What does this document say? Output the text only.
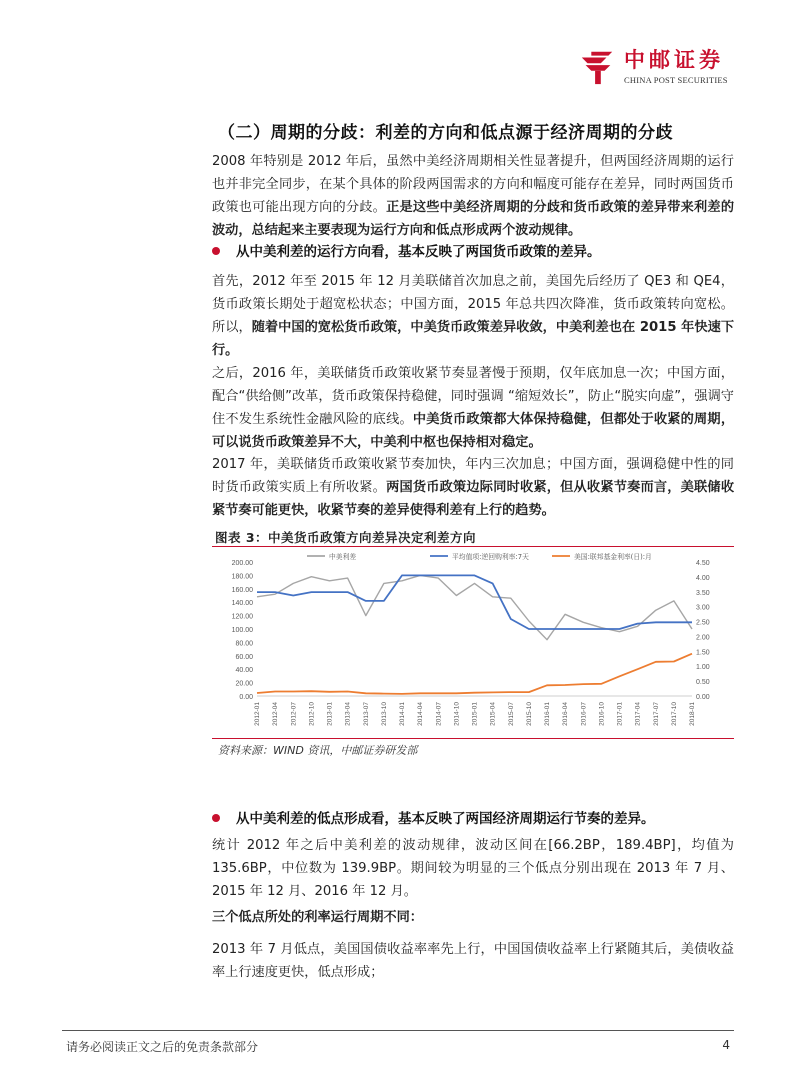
中邮证券
CHINA POST SECURITIES
（二）周期的分歧：利差的方向和低点源于经济周期的分歧

2008 年特别是 2012 年后，虽然中美经济周期相关性显著提升，但两国经济周期的运行也并非完全同步，在某个具体的阶段两国需求的方向和幅度可能存在差异，同时两国货币政策也可能出现方向的分歧。正是这些中美经济周期的分歧和货币政策的差异带来利差的波动，总结起来主要表现为运行方向和低点形成两个波动规律。

从中美利差的运行方向看，基本反映了两国货币政策的差异。

首先，2012 年至 2015 年 12 月美联储首次加息之前，美国先后经历了 QE3 和 QE4，货币政策长期处于超宽松状态；中国方面，2015 年总共四次降准，货币政策转向宽松。所以，随着中国的宽松货币政策，中美货币政策差异收敛，中美利差也在 2015 年快速下行。

之后，2016 年，美联储货币政策收紧节奏显著慢于预期，仅年底加息一次；中国方面，配合“供给侧”改革，货币政策保持稳健，同时强调 “缩短效长”，防止“脱实向虚”，强调守住不发生系统性金融风险的底线。中美货币政策都大体保持稳健，但都处于收紧的周期，可以说货币政策差异不大，中美利中枢也保持相对稳定。

2017 年，美联储货币政策收紧节奏加快，年内三次加息；中国方面，强调稳健中性的同时货币政策实质上有所收紧。两国货币政策边际同时收紧，但从收紧节奏而言，美联储收紧节奏可能更快，收紧节奏的差异使得利差有上行的趋势。

图表 3：中美货币政策方向差异决定利差方向
中美利差	平均值项:逆回购利率:7天	美国:联邦基金利率(日):月
0.00
20.00
40.00
60.00
80.00
100.00
120.00
140.00
160.00
180.00
200.00
0.00
0.50
1.00
1.50
2.00
2.50
3.00
3.50
4.00
4.50
2012-01 2012-04 2012-07 2012-10 2013-01 2013-04 2013-07 2013-10 2014-01 2014-04 2014-07 2014-10 2015-01 2015-04 2015-07 2015-10 2016-01 2016-04 2016-07 2016-10 2017-01 2017-04 2017-07 2017-10 2018-01
资料来源：WIND 资讯，中邮证券研发部
从中美利差的低点形成看，基本反映了两国经济周期运行节奏的差异。

统计 2012 年之后中美利差的波动规律，波动区间在[66.2BP，189.4BP]，均值为 135.6BP，中位数为 139.9BP。期间较为明显的三个低点分别出现在 2013 年 7 月、2015 年 12 月、2016 年 12 月。

三个低点所处的利率运行周期不同：

2013 年 7 月低点，美国国债收益率率先上行，中国国债收益率上行紧随其后，美债收益率上行速度更快，低点形成；

请务必阅读正文之后的免责条款部分	4
